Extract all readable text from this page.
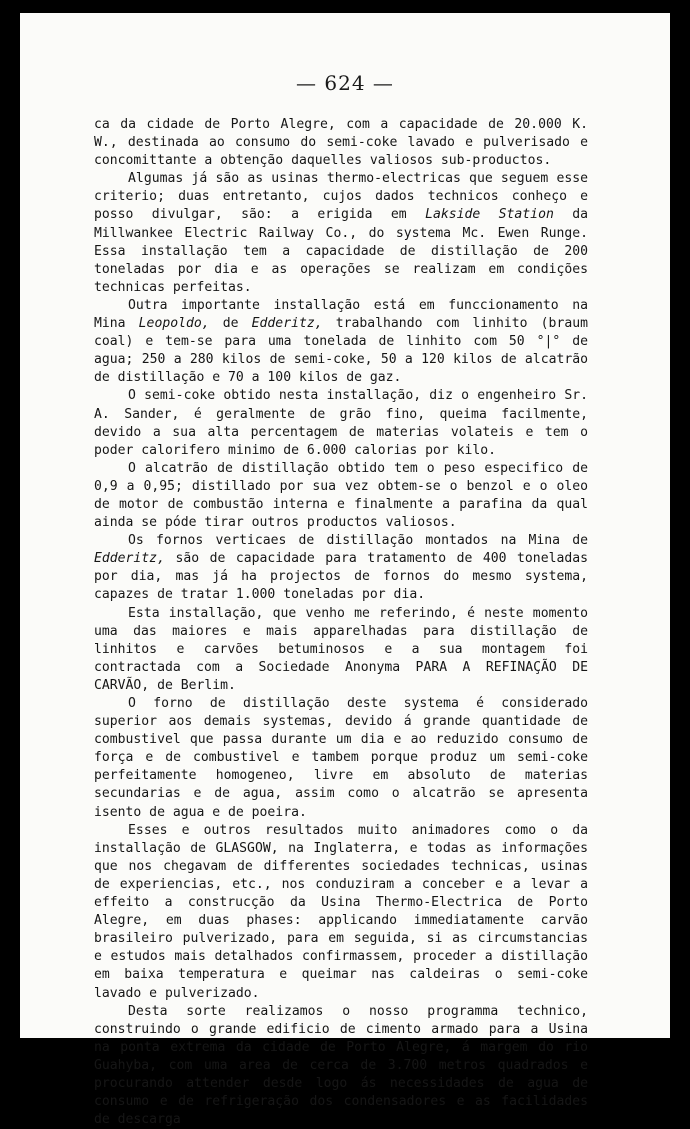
— 624 —

ca da cidade de Porto Alegre, com a capacidade de 20.000 K. W., destinada ao consumo do semi-coke lavado e pulverisado e concomittante a obtenção daquelles valiosos sub-productos.

Algumas já são as usinas thermo-electricas que seguem esse criterio; duas entretanto, cujos dados technicos conheço e posso divulgar, são: a erigida em Lakside Station da Millwankee Electric Railway Co., do systema Mc. Ewen Runge. Essa installação tem a capacidade de distillação de 200 toneladas por dia e as operações se realizam em condições technicas perfeitas.

Outra importante installação está em funccionamento na Mina Leopoldo, de Edderitz, trabalhando com linhito (braum coal) e tem-se para uma tonelada de linhito com 50 °|° de agua; 250 a 280 kilos de semi-coke, 50 a 120 kilos de alcatrão de distillação e 70 a 100 kilos de gaz.

O semi-coke obtido nesta installação, diz o engenheiro Sr. A. Sander, é geralmente de grão fino, queima facilmente, devido a sua alta percentagem de materias volateis e tem o poder calorifero minimo de 6.000 calorias por kilo.

O alcatrão de distillação obtido tem o peso especifico de 0,9 a 0,95; distillado por sua vez obtem-se o benzol e o oleo de motor de combustão interna e finalmente a parafina da qual ainda se póde tirar outros productos valiosos.

Os fornos verticaes de distillação montados na Mina de Edderitz, são de capacidade para tratamento de 400 toneladas por dia, mas já ha projectos de fornos do mesmo systema, capazes de tratar 1.000 toneladas por dia.

Esta installação, que venho me referindo, é neste momento uma das maiores e mais apparelhadas para distillação de linhitos e carvões betuminosos e a sua montagem foi contractada com a Sociedade Anonyma PARA A REFINAÇÃO DE CARVÃO, de Berlim.

O forno de distillação deste systema é considerado superior aos demais systemas, devido á grande quantidade de combustivel que passa durante um dia e ao reduzido consumo de força e de combustivel e tambem porque produz um semi-coke perfeitamente homogeneo, livre em absoluto de materias secundarias e de agua, assim como o alcatrão se apresenta isento de agua e de poeira.

Esses e outros resultados muito animadores como o da installação de GLASGOW, na Inglaterra, e todas as informações que nos chegavam de differentes sociedades technicas, usinas de experiencias, etc., nos conduziram a conceber e a levar a effeito a construcção da Usina Thermo-Electrica de Porto Alegre, em duas phases: applicando immediatamente carvão brasileiro pulverizado, para em seguida, si as circumstancias e estudos mais detalhados confirmassem, proceder a distillação em baixa temperatura e queimar nas caldeiras o semi-coke lavado e pulverizado.

Desta sorte realizamos o nosso programma technico, construindo o grande edificio de cimento armado para a Usina na ponta extrema da cidade de Porto Alegre, á margem do rio Guahyba, com uma area de cerca de 3.700 metros quadrados e procurando attender desde logo ás necessidades de agua de consumo e de refrigeração dos condensadores e as facilidades de descarga
